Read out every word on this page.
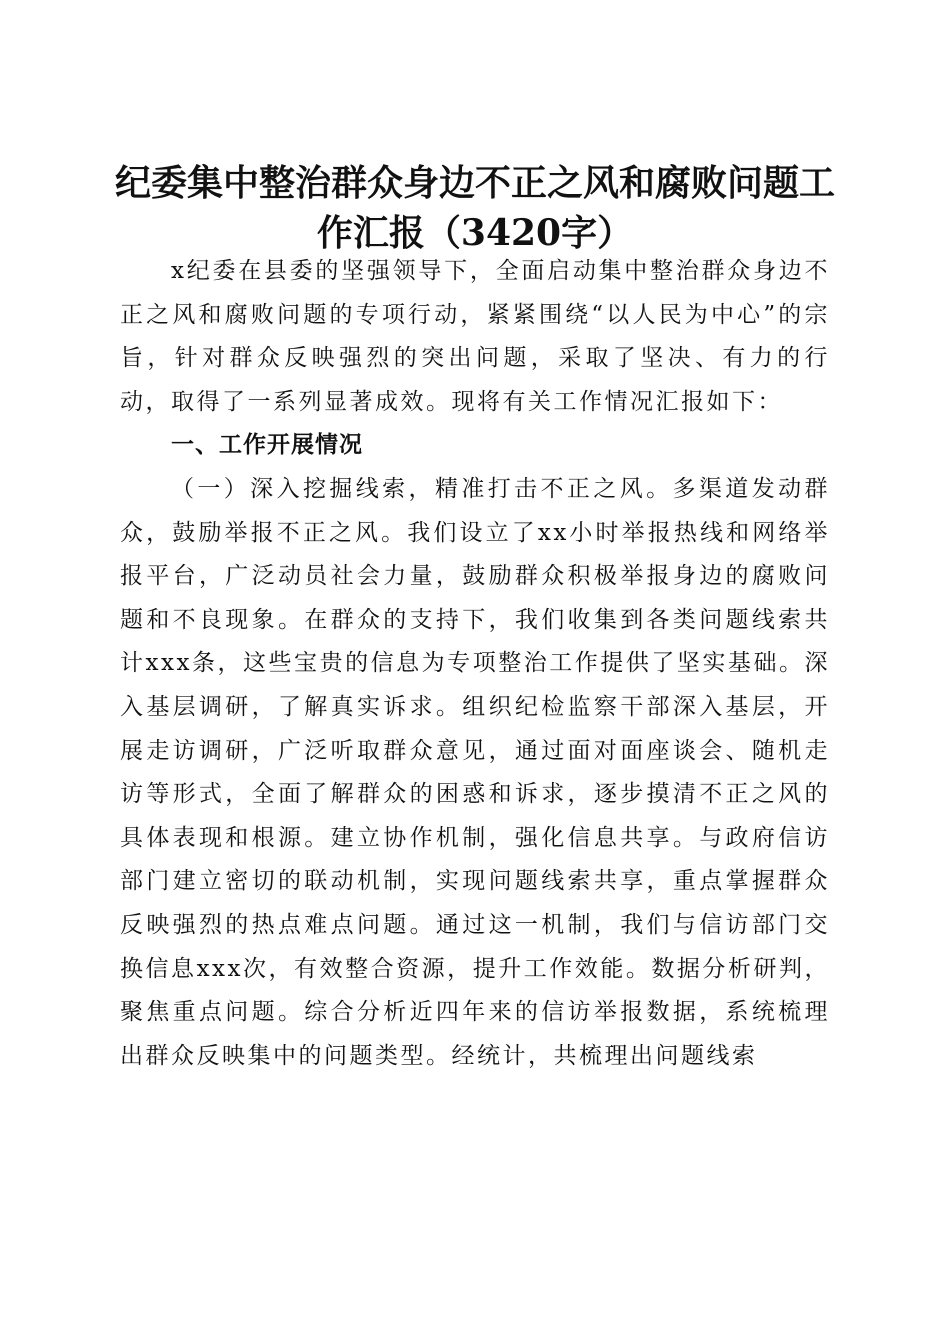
纪委集中整治群众身边不正之风和腐败问题工
作汇报（3420字）

x纪委在县委的坚强领导下，全面启动集中整治群众身边不正之风和腐败问题的专项行动，紧紧围绕“以人民为中心”的宗旨，针对群众反映强烈的突出问题，采取了坚决、有力的行动，取得了一系列显著成效。现将有关工作情况汇报如下：

一、工作开展情况

（一）深入挖掘线索，精准打击不正之风。多渠道发动群众，鼓励举报不正之风。我们设立了xx小时举报热线和网络举报平台，广泛动员社会力量，鼓励群众积极举报身边的腐败问题和不良现象。在群众的支持下，我们收集到各类问题线索共计xxx条，这些宝贵的信息为专项整治工作提供了坚实基础。深入基层调研，了解真实诉求。组织纪检监察干部深入基层，开展走访调研，广泛听取群众意见，通过面对面座谈会、随机走访等形式，全面了解群众的困惑和诉求，逐步摸清不正之风的具体表现和根源。建立协作机制，强化信息共享。与政府信访部门建立密切的联动机制，实现问题线索共享，重点掌握群众反映强烈的热点难点问题。通过这一机制，我们与信访部门交换信息xxx次，有效整合资源，提升工作效能。数据分析研判，聚焦重点问题。综合分析近四年来的信访举报数据，系统梳理出群众反映集中的问题类型。经统计，共梳理出问题线索
